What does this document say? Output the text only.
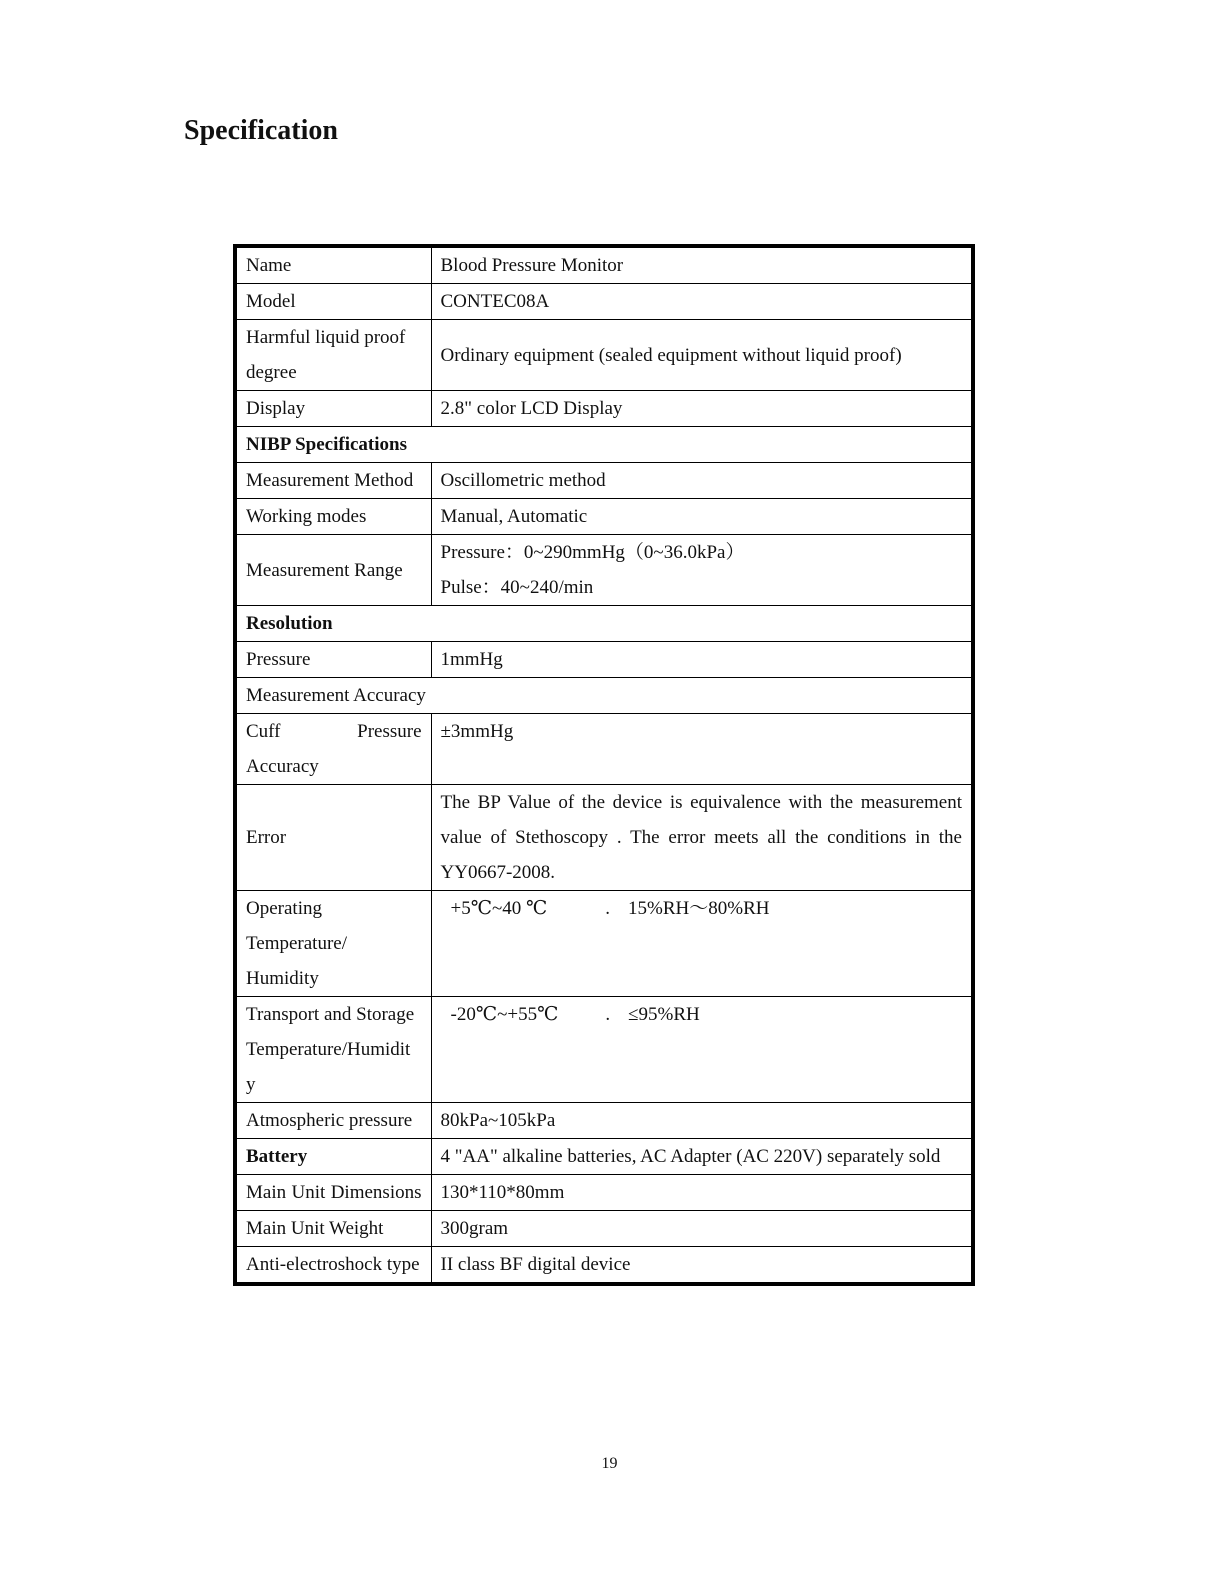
Specification
Name	Blood Pressure Monitor
Model	CONTEC08A
Harmful liquid proof degree	Ordinary equipment (sealed equipment without liquid proof)
Display	2.8" color LCD Display
NIBP Specifications	
Measurement Method	Oscillometric method
Working modes	Manual, Automatic
Measurement Range	Pressure：0~290mmHg（0~36.0kPa）
Pulse：40~240/min

Resolution	
Pressure	1mmHg
Measurement Accuracy	
Cuff Pressure Accuracy	±3mmHg
Error	The BP Value of the device is equivalence with the measurement value of Stethoscopy . The error meets all the conditions in the YY0667-2008.

Operating
Temperature/
Humidity	+5℃~40 ℃ . 15%RH～80%RH

Transport and Storage
Temperature/Humidit
y	-20℃~+55℃ . ≤95%RH
Atmospheric pressure	80kPa~105kPa
Battery	4 "AA" alkaline batteries, AC Adapter (AC 220V) separately sold
Main Unit Dimensions	130*110*80mm
Main Unit Weight	300gram
Anti-electroshock type	II class BF digital device
19
